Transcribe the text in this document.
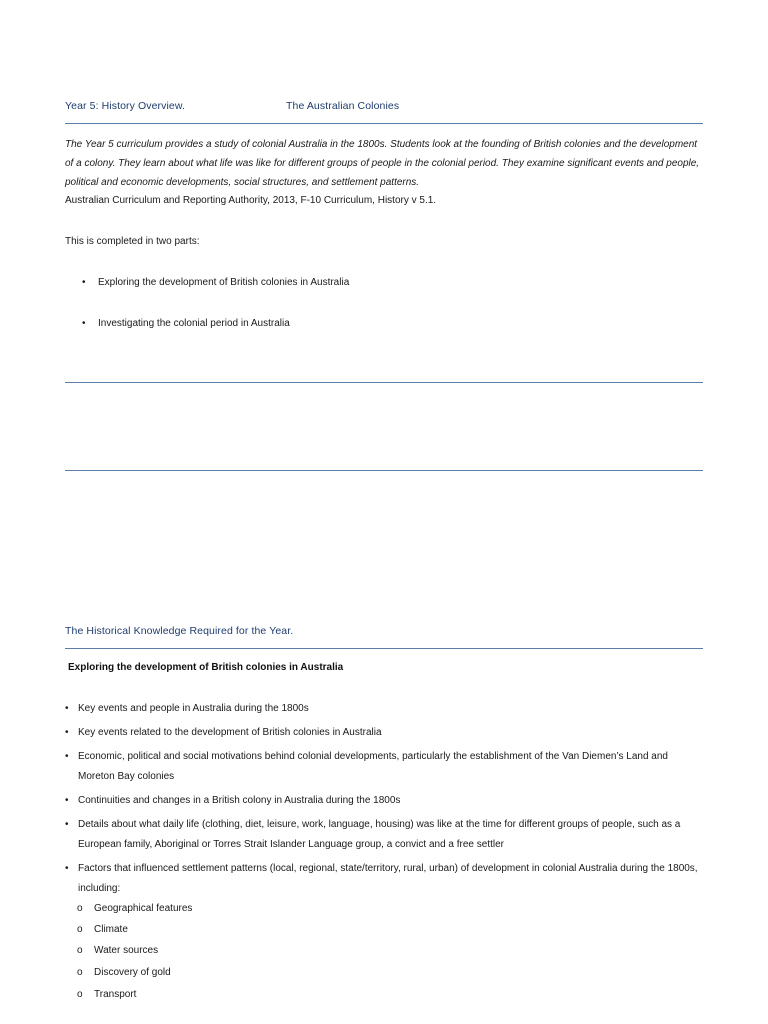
Year 5: History Overview.	The Australian Colonies
The Year 5 curriculum provides a study of colonial Australia in the 1800s. Students look at the founding of British colonies and the development of a colony. They learn about what life was like for different groups of people in the colonial period. They examine significant events and people, political and economic developments, social structures, and settlement patterns.
Australian Curriculum and Reporting Authority, 2013, F-10 Curriculum, History v 5.1.
This is completed in two parts:
• Exploring the development of British colonies in Australia
• Investigating the colonial period in Australia
The Historical Knowledge Required for the Year.
Exploring the development of British colonies in Australia
• Key events and people in Australia during the 1800s
• Key events related to the development of British colonies in Australia
• Economic, political and social motivations behind colonial developments, particularly the establishment of the Van Diemen’s Land and Moreton Bay colonies
• Continuities and changes in a British colony in Australia during the 1800s
• Details about what daily life (clothing, diet, leisure, work, language, housing) was like at the time for different groups of people, such as a European family, Aboriginal or Torres Strait Islander Language group, a convict and a free settler
• Factors that influenced settlement patterns (local, regional, state/territory, rural, urban) of development in colonial Australia during the 1800s, including:
o Geographical features
o Climate
o Water sources
o Discovery of gold
o Transport
